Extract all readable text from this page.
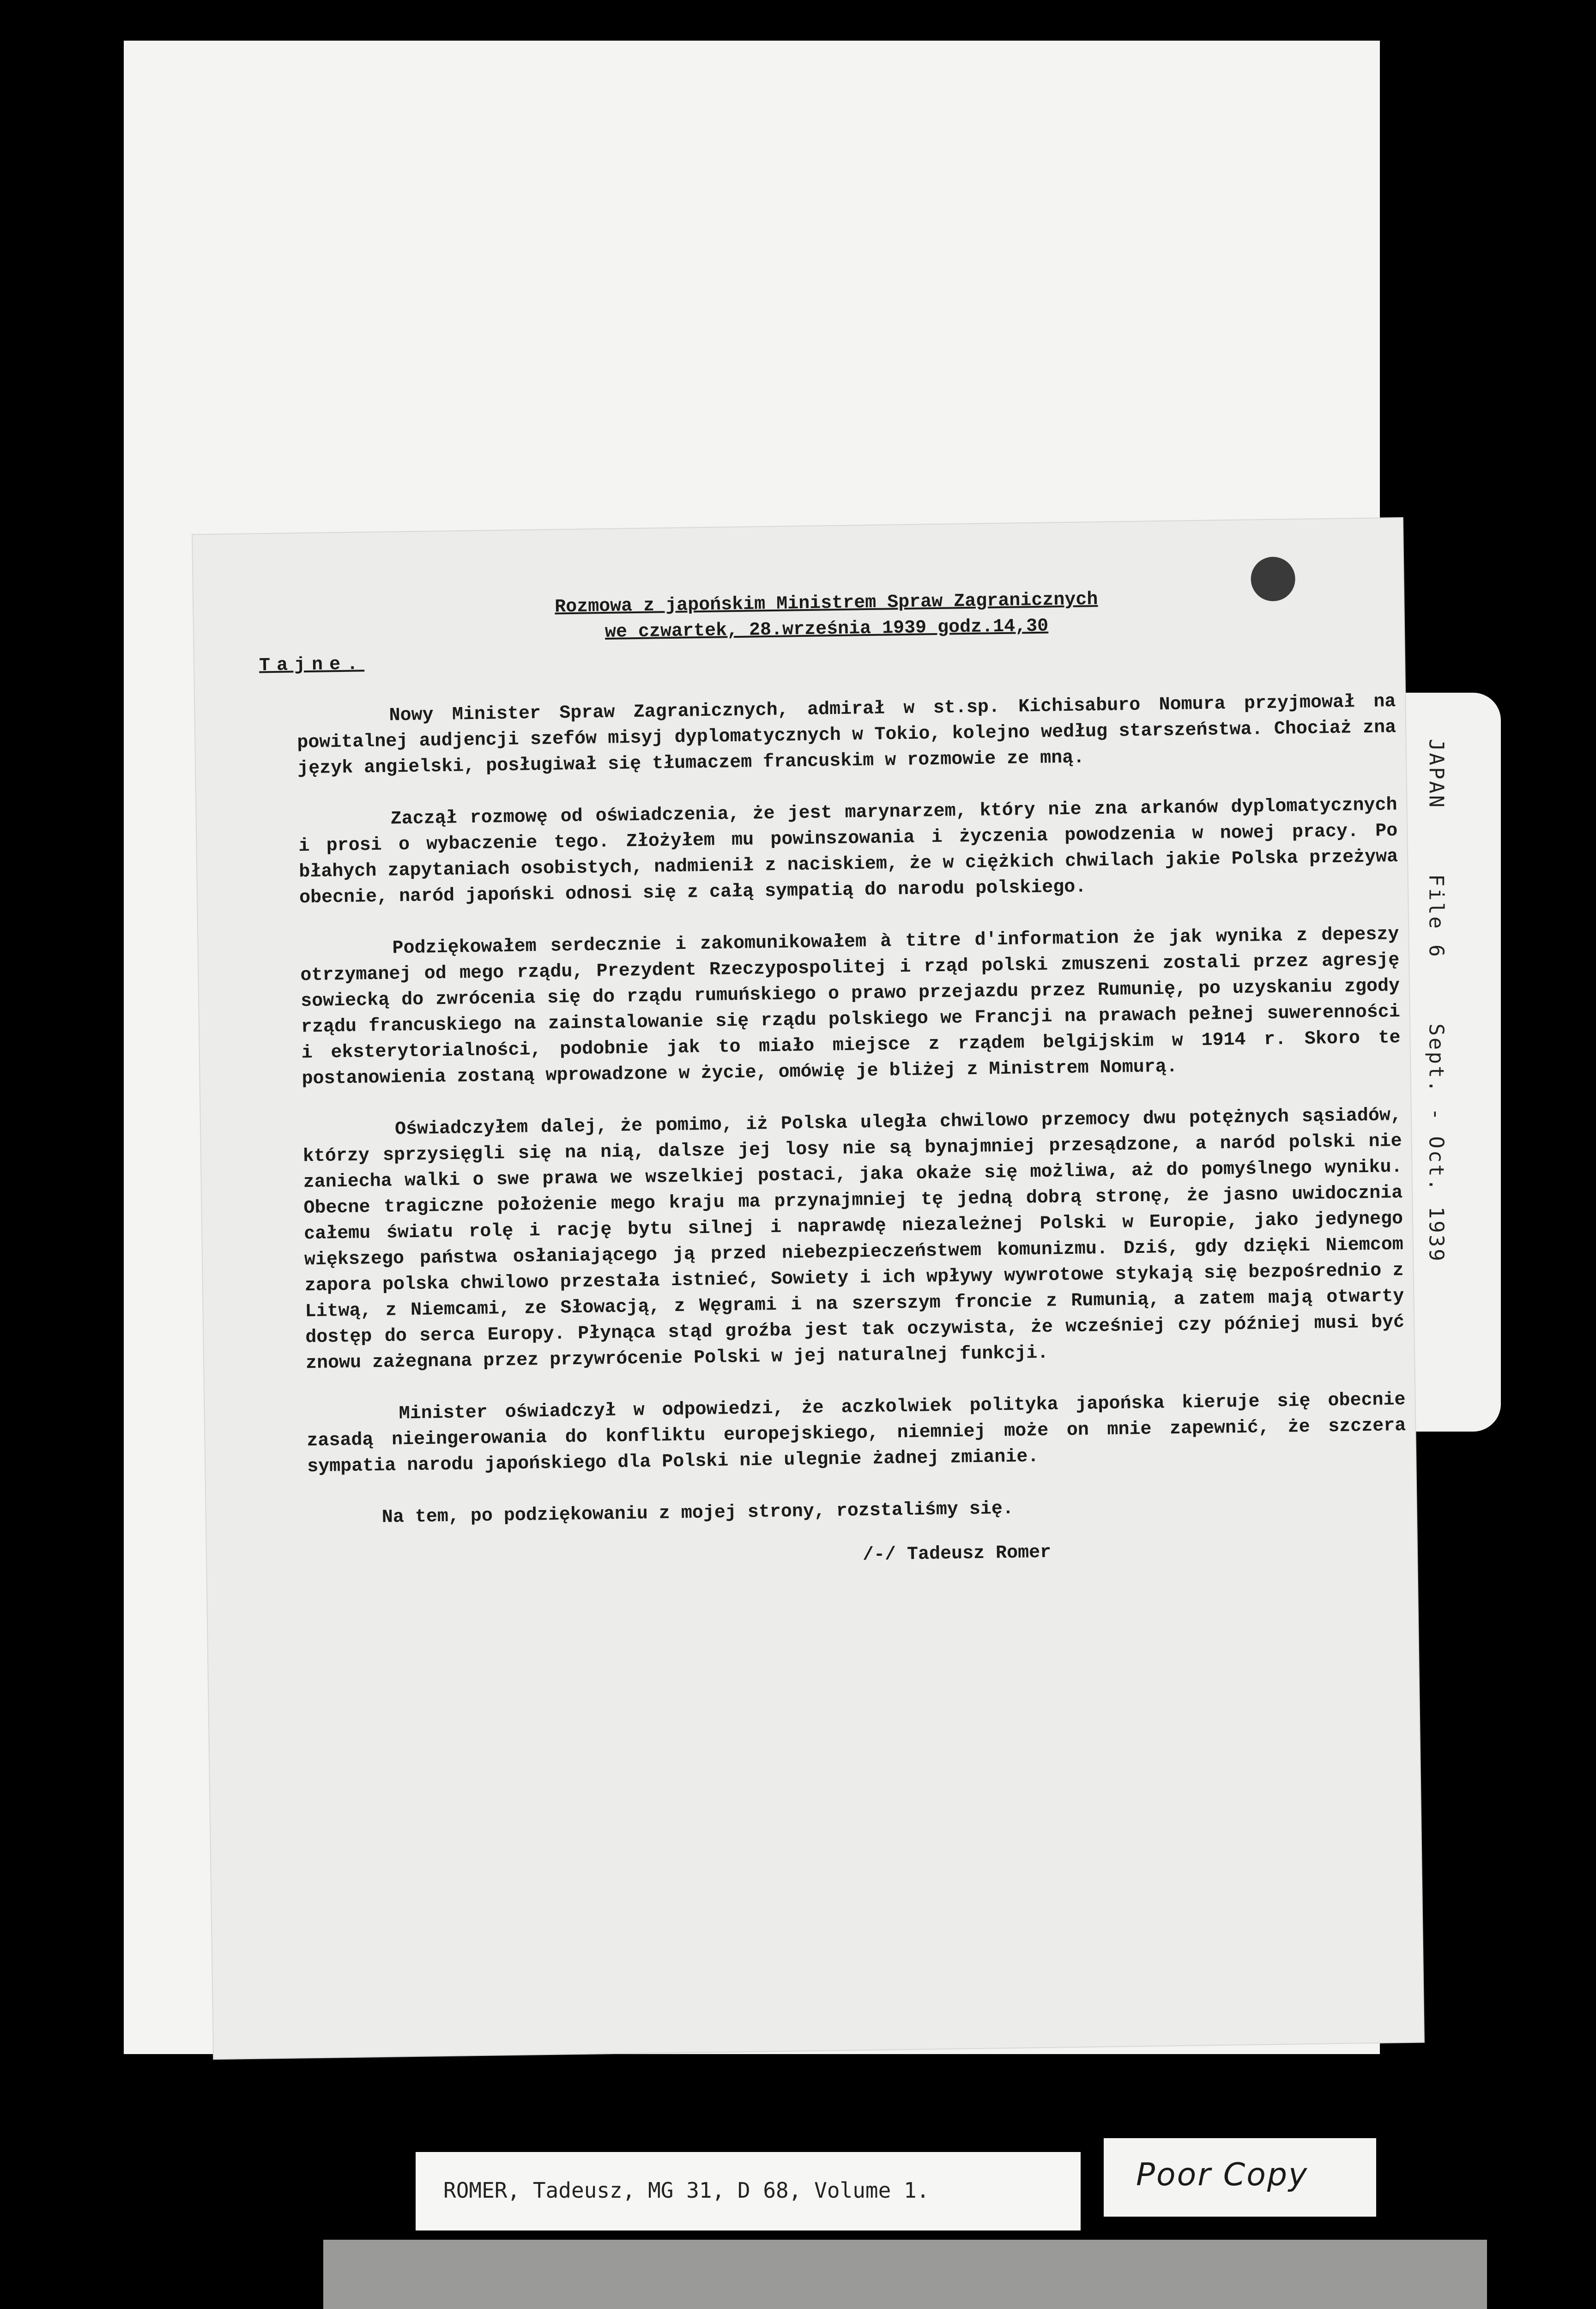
JAPAN File 6 Sept. - Oct. 1939
Rozmowa z japońskim Ministrem Spraw Zagranicznych
we czwartek, 28.września 1939 godz.14,30
Tajne.
Nowy Minister Spraw Zagranicznych, admirał w st.sp. Kichisaburo Nomura przyjmował na powitalnej audjencji szefów misyj dyplomatycznych w Tokio, kolejno według starszeństwa. Chociaż zna język angielski, posługiwał się tłumaczem francuskim w rozmowie ze mną.
Zaczął rozmowę od oświadczenia, że jest marynarzem, który nie zna arkanów dyplomatycznych i prosi o wybaczenie tego. Złożyłem mu powinszowania i życzenia powodzenia w nowej pracy. Po błahych zapytaniach osobistych, nadmienił z naciskiem, że w ciężkich chwilach jakie Polska przeżywa obecnie, naród japoński odnosi się z całą sympatią do narodu polskiego.
Podziękowałem serdecznie i zakomunikowałem à titre d'information że jak wynika z depeszy otrzymanej od mego rządu, Prezydent Rzeczypospolitej i rząd polski zmuszeni zostali przez agresję sowiecką do zwrócenia się do rządu rumuńskiego o prawo przejazdu przez Rumunię, po uzyskaniu zgody rządu francuskiego na zainstalowanie się rządu polskiego we Francji na prawach pełnej suwerenności i eksterytorialności, podobnie jak to miało miejsce z rządem belgijskim w 1914 r. Skoro te postanowienia zostaną wprowadzone w życie, omówię je bliżej z Ministrem Nomurą.
Oświadczyłem dalej, że pomimo, iż Polska uległa chwilowo przemocy dwu potężnych sąsiadów, którzy sprzysięgli się na nią, dalsze jej losy nie są bynajmniej przesądzone, a naród polski nie zaniecha walki o swe prawa we wszelkiej postaci, jaka okaże się możliwa, aż do pomyślnego wyniku. Obecne tragiczne położenie mego kraju ma przynajmniej tę jedną dobrą stronę, że jasno uwidocznia całemu światu rolę i rację bytu silnej i naprawdę niezależnej Polski w Europie, jako jedynego większego państwa osłaniającego ją przed niebezpieczeństwem komunizmu. Dziś, gdy dzięki Niemcom zapora polska chwilowo przestała istnieć, Sowiety i ich wpływy wywrotowe stykają się bezpośrednio z Litwą, z Niemcami, ze Słowacją, z Węgrami i na szerszym froncie z Rumunią, a zatem mają otwarty dostęp do serca Europy. Płynąca stąd groźba jest tak oczywista, że wcześniej czy później musi być znowu zażegnana przez przywrócenie Polski w jej naturalnej funkcji.
Minister oświadczył w odpowiedzi, że aczkolwiek polityka japońska kieruje się obecnie zasadą nieingerowania do konfliktu europejskiego, niemniej może on mnie zapewnić, że szczera sympatia narodu japońskiego dla Polski nie ulegnie żadnej zmianie.
Na tem, po podziękowaniu z mojej strony, rozstaliśmy się.
/-/ Tadeusz Romer
ROMER, Tadeusz, MG 31, D 68, Volume 1.	Poor Copy
